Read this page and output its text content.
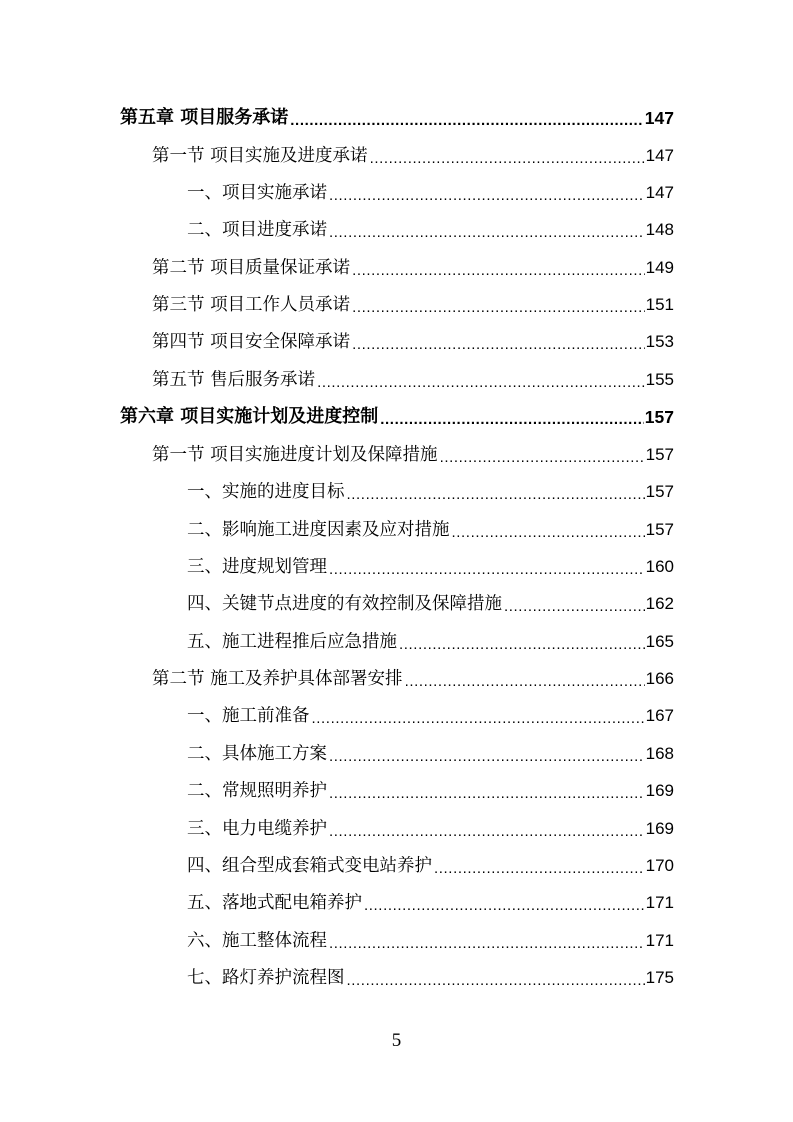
第五章 项目服务承诺 .....	147
第一节 项目实施及进度承诺 .....	147
一、项目实施承诺 .....	147
二、项目进度承诺 .....	148
第二节 项目质量保证承诺 .....	149
第三节 项目工作人员承诺 .....	151
第四节 项目安全保障承诺 .....	153
第五节 售后服务承诺 .....	155
第六章 项目实施计划及进度控制 .....	157
第一节 项目实施进度计划及保障措施 .....	157
一、实施的进度目标 .....	157
二、影响施工进度因素及应对措施 .....	157
三、进度规划管理 .....	160
四、关键节点进度的有效控制及保障措施 .....	162
五、施工进程推后应急措施 .....	165
第二节 施工及养护具体部署安排 .....	166
一、施工前准备 .....	167
二、具体施工方案 .....	168
二、常规照明养护 .....	169
三、电力电缆养护 .....	169
四、组合型成套箱式变电站养护 .....	170
五、落地式配电箱养护 .....	171
六、施工整体流程 .....	171
七、路灯养护流程图 .....	175
5
